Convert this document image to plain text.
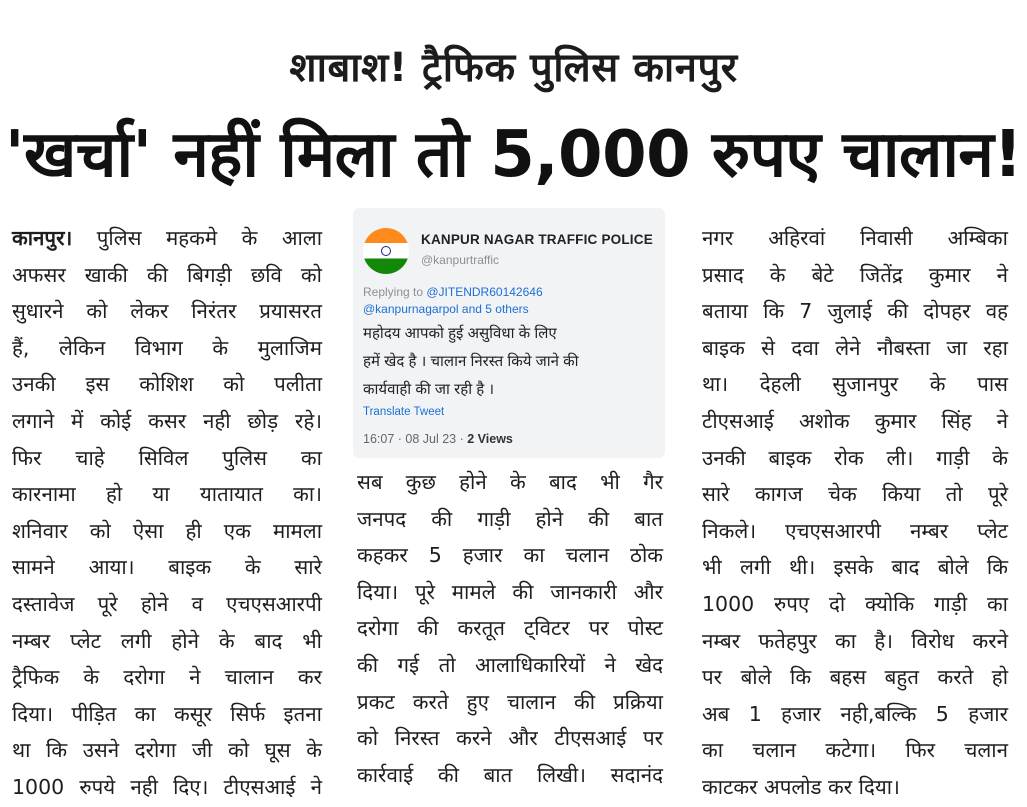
शाबाश! ट्रैफिक पुलिस कानपुर
'खर्चा' नहीं मिला तो 5,000 रुपए चालान!
कानपुर। पुलिस महकमे के आला
अफसर खाकी की बिगड़ी छवि को
सुधारने को लेकर निरंतर प्रयासरत
हैं, लेकिन विभाग के मुलाजिम
उनकी इस कोशिश को पलीता
लगाने में कोई कसर नही छोड़ रहे।
फिर चाहे सिविल पुलिस का
कारनामा हो या यातायात का।
शनिवार को ऐसा ही एक मामला
सामने आया। बाइक के सारे
दस्तावेज पूरे होने व एचएसआरपी
नम्बर प्लेट लगी होने के बाद भी
ट्रैफिक के दरोगा ने चालान कर
दिया। पीड़ित का कसूर सिर्फ इतना
था कि उसने दरोगा जी को घूस के
1000 रुपये नही दिए। टीएसआई ने
KANPUR NAGAR TRAFFIC POLICE
@kanpurtraffic
Replying to @JITENDR60142646
@kanpurnagarpol and 5 others
महोदय आपको हुई असुविधा के लिए
हमें खेद है । चालान निरस्त किये जाने की
कार्यवाही की जा रही है ।
Translate Tweet
16:07 · 08 Jul 23 · 2 Views
सब कुछ होने के बाद भी गैर
जनपद की गाड़ी होने की बात
कहकर 5 हजार का चलान ठोक
दिया। पूरे मामले की जानकारी और
दरोगा की करतूत ट्विटर पर पोस्ट
की गई तो आलाधिकारियों ने खेद
प्रकट करते हुए चालान की प्रक्रिया
को निरस्त करने और टीएसआई पर
कार्रवाई की बात लिखी। सदानंद
नगर अहिरवां निवासी अम्बिका
प्रसाद के बेटे जितेंद्र कुमार ने
बताया कि 7 जुलाई की दोपहर वह
बाइक से दवा लेने नौबस्ता जा रहा
था। देहली सुजानपुर के पास
टीएसआई अशोक कुमार सिंह ने
उनकी बाइक रोक ली। गाड़ी के
सारे कागज चेक किया तो पूरे
निकले। एचएसआरपी नम्बर प्लेट
भी लगी थी। इसके बाद बोले कि
1000 रुपए दो क्योकि गाड़ी का
नम्बर फतेहपुर का है। विरोध करने
पर बोले कि बहस बहुत करते हो
अब 1 हजार नही,बल्कि 5 हजार
का चलान कटेगा। फिर चलान
काटकर अपलोड कर दिया।
